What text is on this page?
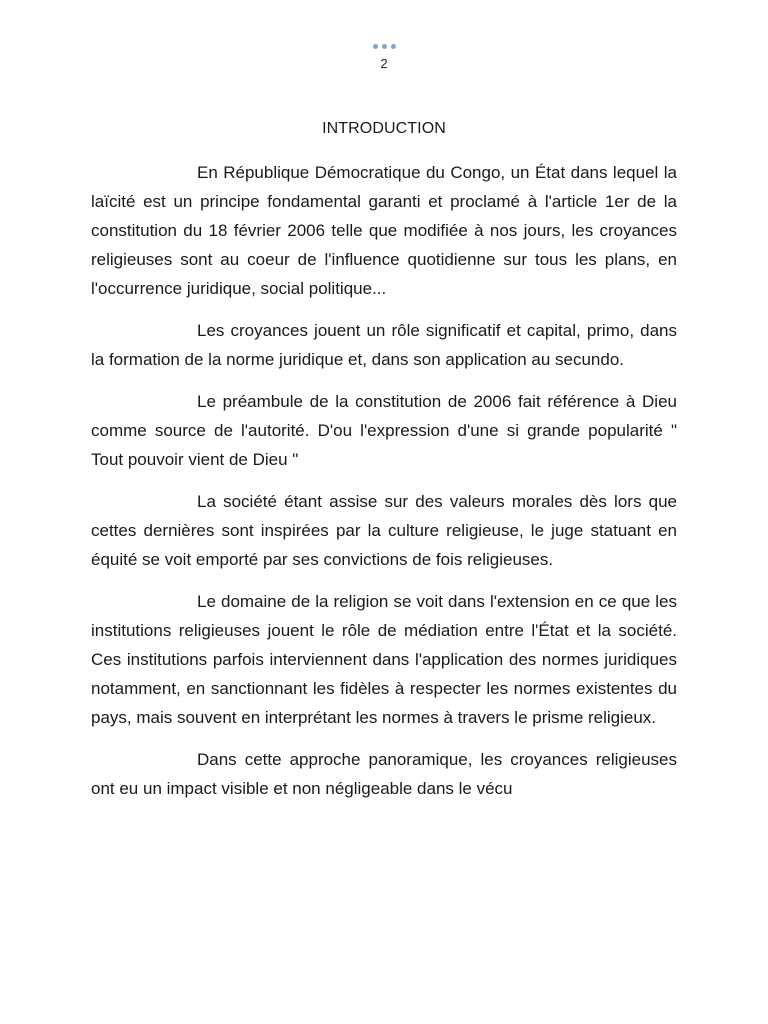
2
INTRODUCTION

En République Démocratique du Congo, un État dans lequel la laïcité est un principe fondamental garanti et proclamé à l'article 1er de la constitution du 18 février 2006 telle que modifiée à nos jours, les croyances religieuses sont au coeur de l'influence quotidienne sur tous les plans, en l'occurrence juridique, social politique...

Les croyances jouent un rôle significatif et capital, primo, dans la formation de la norme juridique et, dans son application au secundo.

Le préambule de la constitution de 2006 fait référence à Dieu comme source de l'autorité. D'ou l'expression d'une si grande popularité " Tout pouvoir vient de Dieu "

La société étant assise sur des valeurs morales dès lors que cettes dernières sont inspirées par la culture religieuse, le juge statuant en équité se voit emporté par ses convictions de fois religieuses.

Le domaine de la religion se voit dans l'extension en ce que les institutions religieuses jouent le rôle de médiation entre l'État et la société. Ces institutions parfois interviennent dans l'application des normes juridiques notamment, en sanctionnant les fidèles à respecter les normes existentes du pays, mais souvent en interprétant les normes à travers le prisme religieux.

Dans cette approche panoramique, les croyances religieuses ont eu un impact visible et non négligeable dans le vécu
